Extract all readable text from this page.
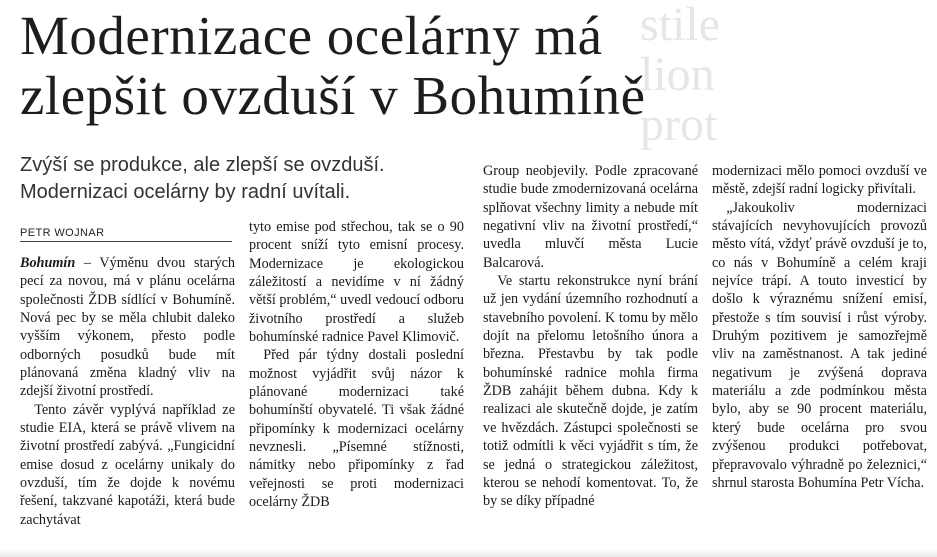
stile
lion
prot
Modernizace ocelárny má
zlepšit ovzduší v Bohumíně
Zvýší se produkce, ale zlepší se ovzduší.
Modernizaci ocelárny by radní uvítali.
PETR WOJNAR

Bohumín – Výměnu dvou starých pecí za novou, má v plánu ocelárna společnosti ŽDB sídlící v Bohumíně. Nová pec by se měla chlubit daleko vyšším výkonem, přesto podle odborných posudků bude mít plánovaná změna kladný vliv na zdejší životní prostředí.

Tento závěr vyplývá například ze studie EIA, která se právě vlivem na životní prostředí zabývá. „Fungicidní emise dosud z ocelárny unikaly do ovzduší, tím že dojde k novému řešení, takzvané kapotáži, která bude zachytávat

tyto emise pod střechou, tak se o 90 procent sníží tyto emisní procesy. Modernizace je ekologickou záležitostí a nevidíme v ní žádný větší problém,“ uvedl vedoucí odboru životního prostředí a služeb bohumínské radnice Pavel Klimovič.

Před pár týdny dostali poslední možnost vyjádřit svůj názor k plánované modernizaci také bohumínští obyvatelé. Ti však žádné připomínky k modernizaci ocelárny nevznesli. „Písemné stížnosti, námitky nebo připomínky z řad veřejnosti se proti modernizaci ocelárny ŽDB

Group neobjevily. Podle zpracované studie bude zmodernizovaná ocelárna splňovat všechny limity a nebude mít negativní vliv na životní prostředí,“ uvedla mluvčí města Lucie Balcarová.

Ve startu rekonstrukce nyní brání už jen vydání územního rozhodnutí a stavebního povolení. K tomu by mělo dojít na přelomu letošního února a března. Přestavbu by tak podle bohumínské radnice mohla firma ŽDB zahájit během dubna. Kdy k realizaci ale skutečně dojde, je zatím ve hvězdách. Zástupci společnosti se totiž odmítli k věci vyjádřit s tím, že se jedná o strategickou záležitost, kterou se nehodí komentovat. To, že by se díky případné

modernizaci mělo pomoci ovzduší ve městě, zdejší radní logicky přivítali.

„Jakoukoliv modernizaci stávajících nevyhovujících provozů město vítá, vždyť právě ovzduší je to, co nás v Bohumíně a celém kraji nejvíce trápí. A touto investicí by došlo k výraznému snížení emisí, přestože s tím souvisí i růst výroby. Druhým pozitivem je samozřejmě vliv na zaměstnanost. A tak jediné negativum je zvýšená doprava materiálu a zde podmínkou města bylo, aby se 90 procent materiálu, který bude ocelárna pro svou zvýšenou produkci potřebovat, přepravovalo výhradně po železnici,“ shrnul starosta Bohumína Petr Vícha.
